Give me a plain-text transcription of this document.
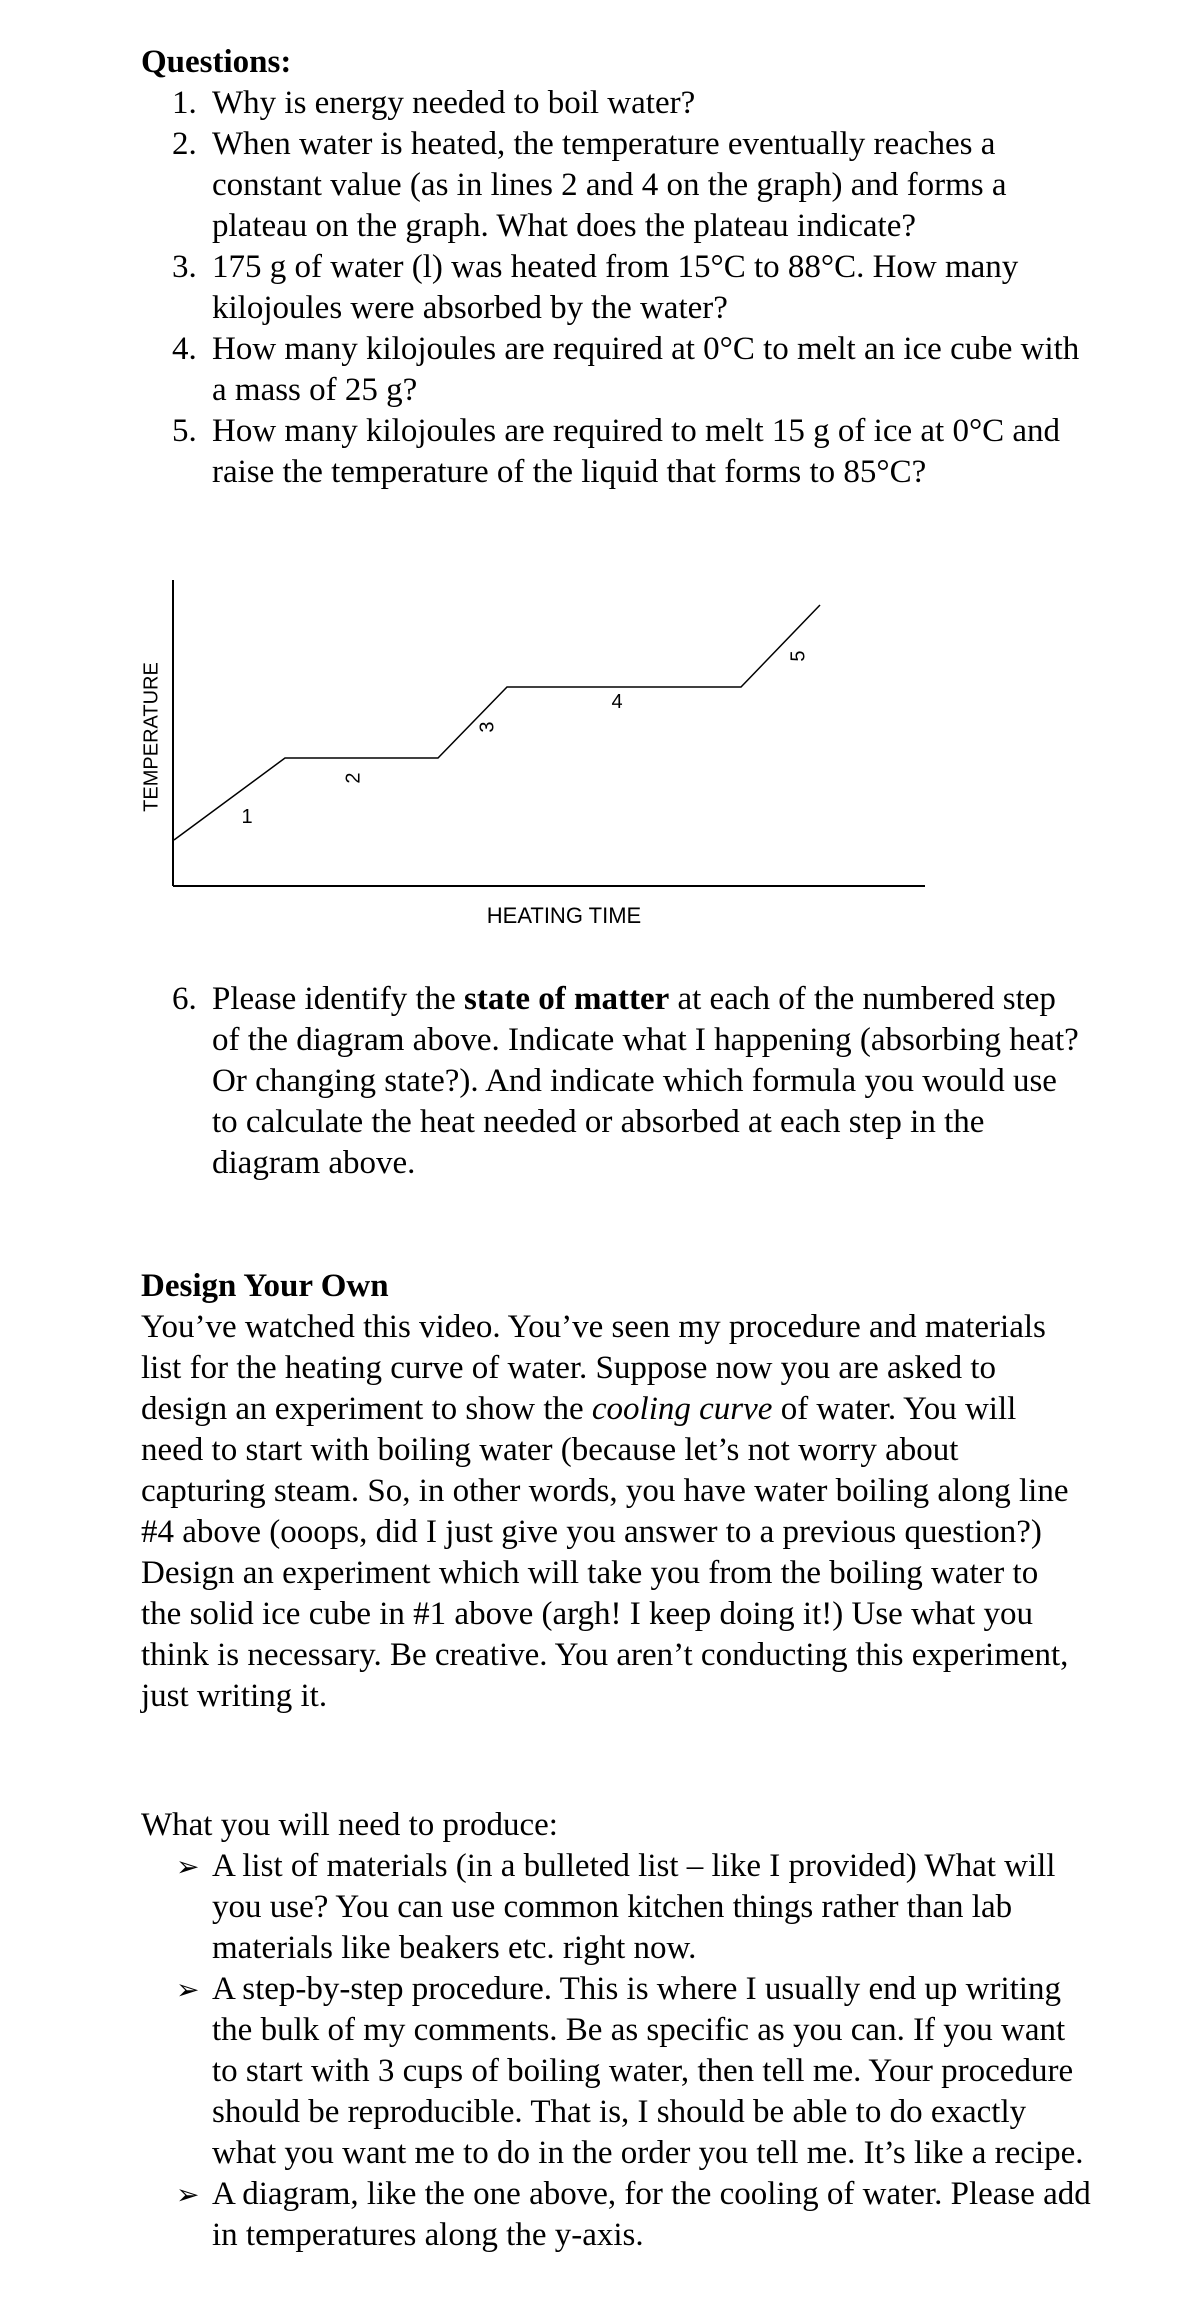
Questions:
1. Why is energy needed to boil water?
2. When water is heated, the temperature eventually reaches a constant value (as in lines 2 and 4 on the graph) and forms a plateau on the graph. What does the plateau indicate?
3. 175 g of water (l) was heated from 15°C to 88°C. How many kilojoules were absorbed by the water?
4. How many kilojoules are required at 0°C to melt an ice cube with a mass of 25 g?
5. How many kilojoules are required to melt 15 g of ice at 0°C and raise the temperature of the liquid that forms to 85°C?
TEMPERATURE
HEATING TIME
1
2
3
4
5
6. Please identify the state of matter at each of the numbered step of the diagram above. Indicate what I happening (absorbing heat? Or changing state?). And indicate which formula you would use to calculate the heat needed or absorbed at each step in the diagram above.
Design Your Own

You’ve watched this video. You’ve seen my procedure and materials list for the heating curve of water. Suppose now you are asked to design an experiment to show the cooling curve of water. You will need to start with boiling water (because let’s not worry about capturing steam. So, in other words, you have water boiling along line #4 above (ooops, did I just give you answer to a previous question?) Design an experiment which will take you from the boiling water to the solid ice cube in #1 above (argh! I keep doing it!) Use what you think is necessary. Be creative. You aren’t conducting this experiment, just writing it.

What you will need to produce:

➢ A list of materials (in a bulleted list – like I provided) What will you use? You can use common kitchen things rather than lab materials like beakers etc. right now.
➢ A step-by-step procedure. This is where I usually end up writing the bulk of my comments. Be as specific as you can. If you want to start with 3 cups of boiling water, then tell me. Your procedure should be reproducible. That is, I should be able to do exactly what you want me to do in the order you tell me. It’s like a recipe.
➢ A diagram, like the one above, for the cooling of water. Please add in temperatures along the y-axis.
